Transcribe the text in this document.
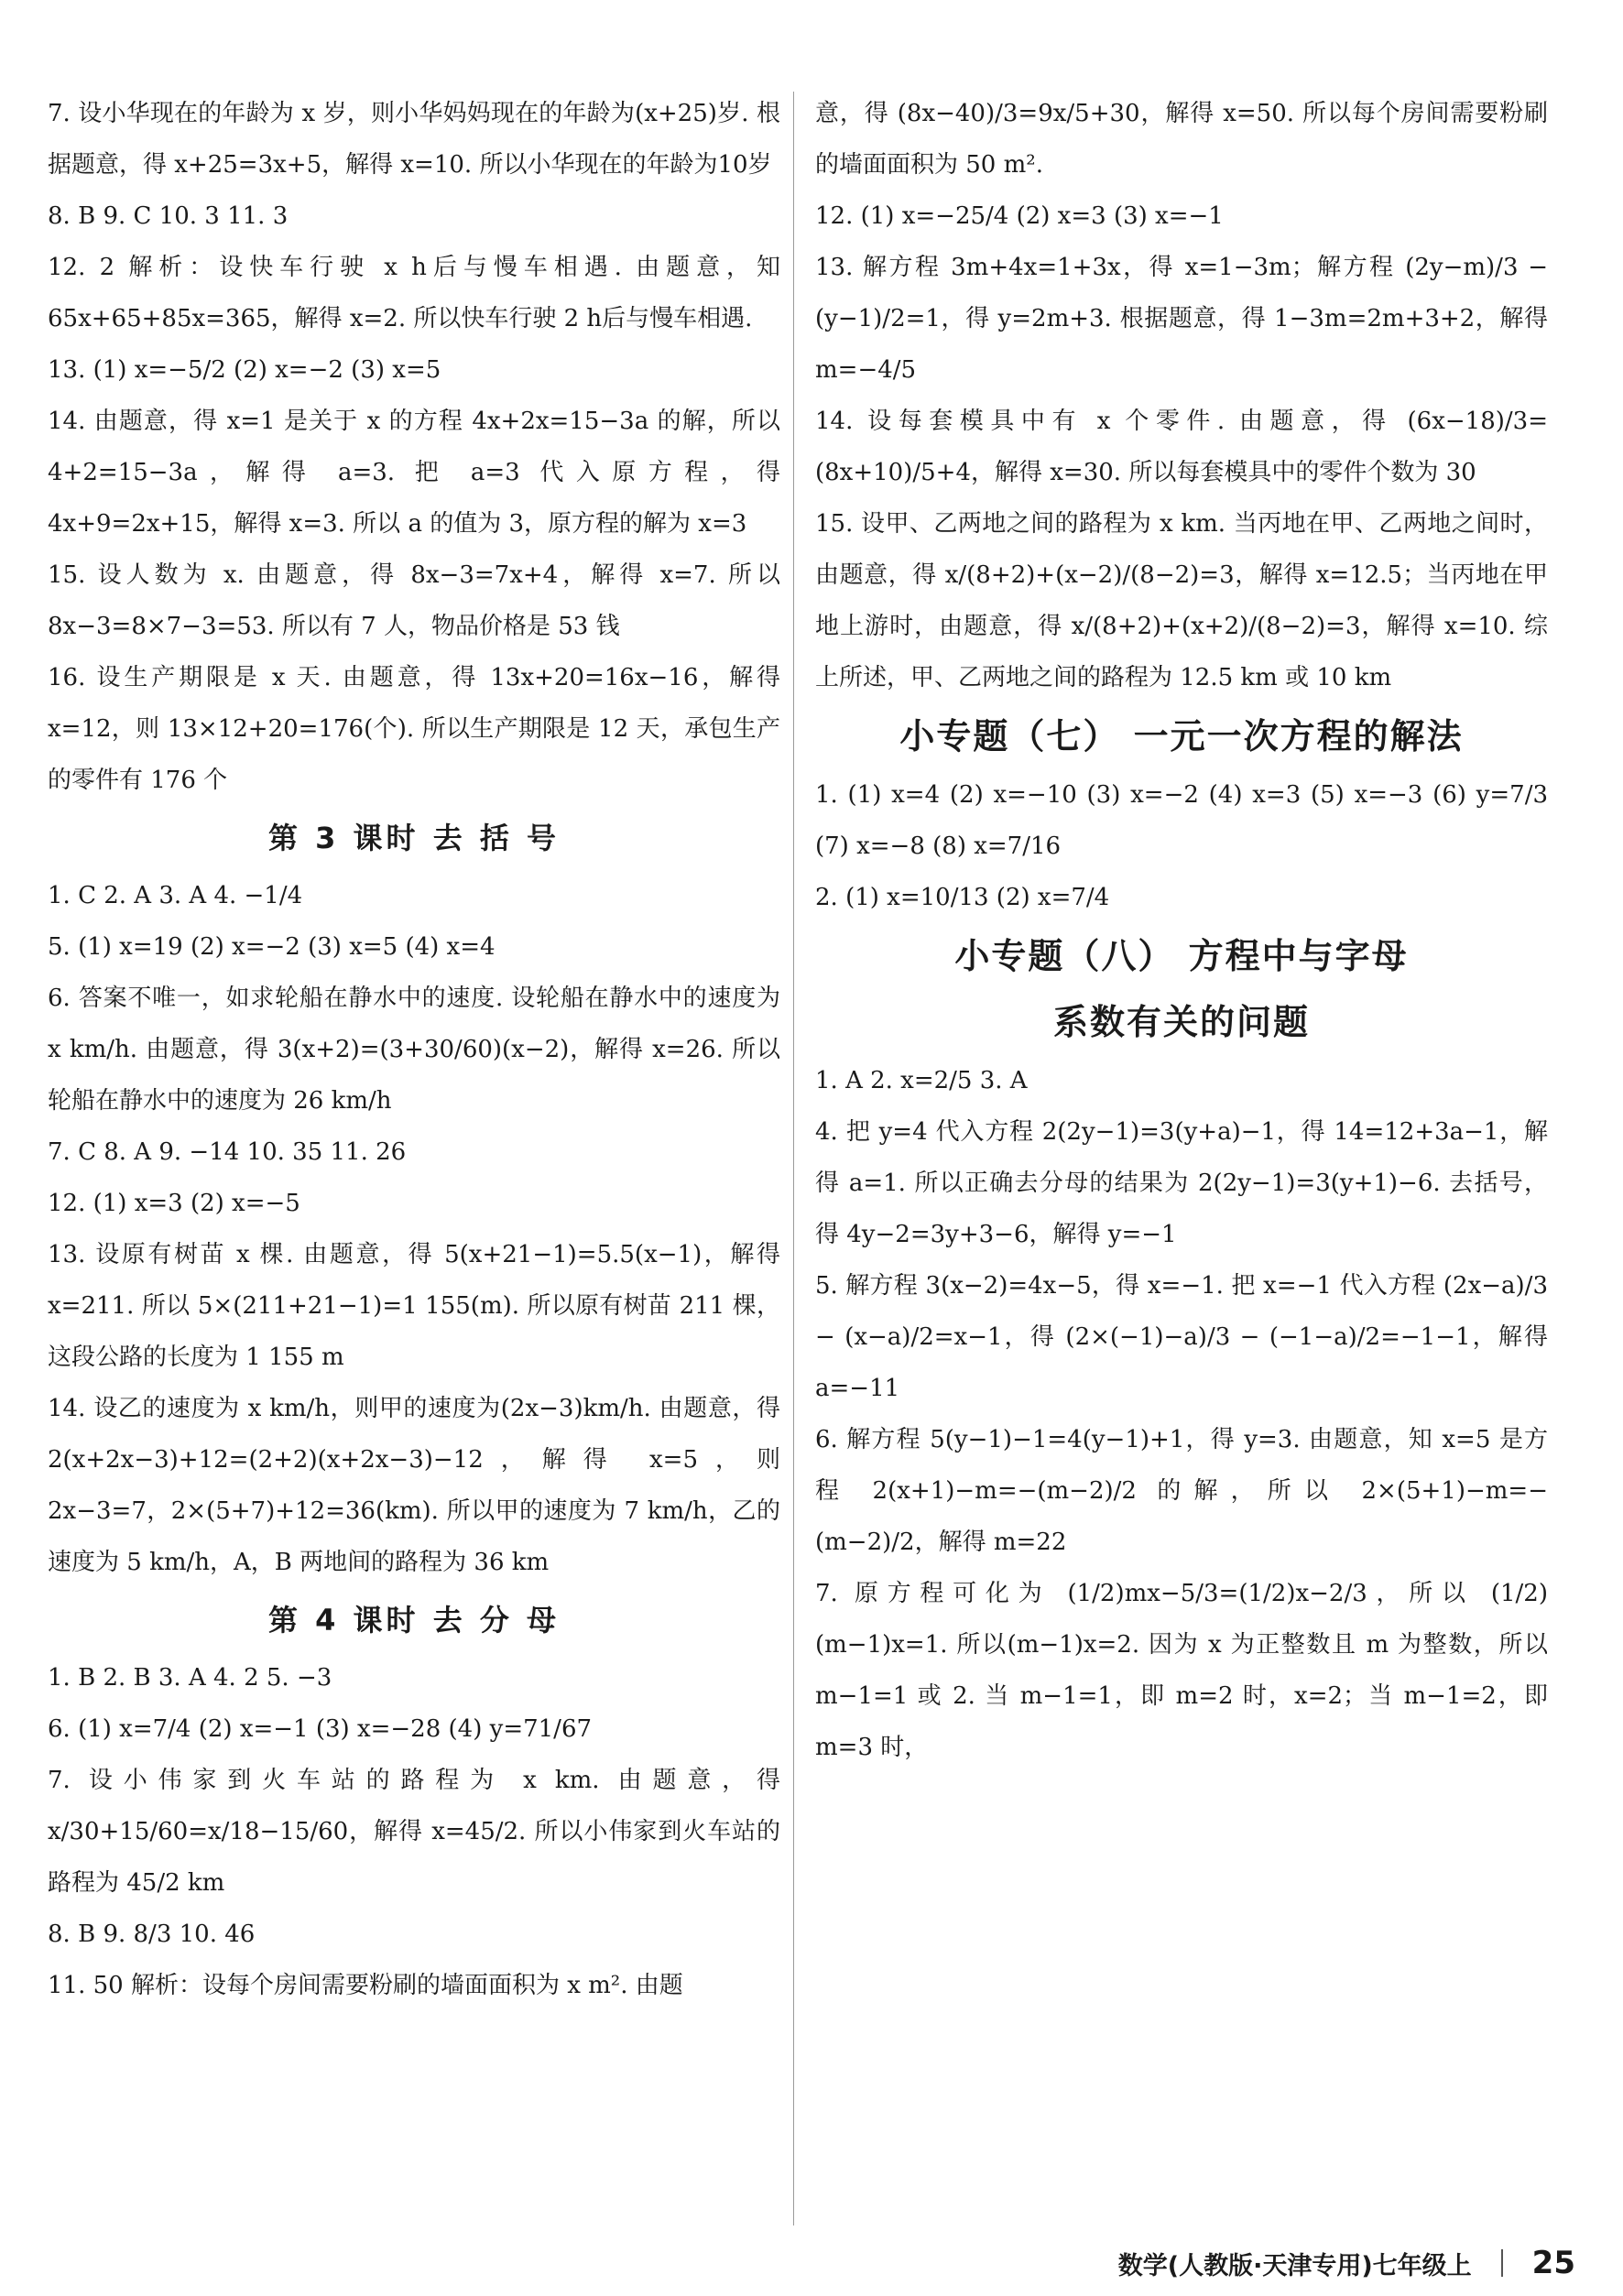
7. 设小华现在的年龄为 x 岁，则小华妈妈现在的年龄为(x+25)岁. 根据题意，得 x+25=3x+5，解得 x=10. 所以小华现在的年龄为10岁

8. B 9. C 10. 3 11. 3

12. 2 解析：设快车行驶 x h后与慢车相遇. 由题意，知 65x+65+85x=365，解得 x=2. 所以快车行驶 2 h后与慢车相遇.

13. (1) x=−5/2 (2) x=−2 (3) x=5

14. 由题意，得 x=1 是关于 x 的方程 4x+2x=15−3a 的解，所以 4+2=15−3a，解得 a=3. 把 a=3 代入原方程，得 4x+9=2x+15，解得 x=3. 所以 a 的值为 3，原方程的解为 x=3

15. 设人数为 x. 由题意，得 8x−3=7x+4，解得 x=7. 所以 8x−3=8×7−3=53. 所以有 7 人，物品价格是 53 钱

16. 设生产期限是 x 天. 由题意，得 13x+20=16x−16，解得 x=12，则 13×12+20=176(个). 所以生产期限是 12 天，承包生产的零件有 176 个

第 3 课时 去 括 号

1. C 2. A 3. A 4. −1/4

5. (1) x=19 (2) x=−2 (3) x=5 (4) x=4

6. 答案不唯一，如求轮船在静水中的速度. 设轮船在静水中的速度为 x km/h. 由题意，得 3(x+2)=(3+30/60)(x−2)，解得 x=26. 所以轮船在静水中的速度为 26 km/h

7. C 8. A 9. −14 10. 35 11. 26

12. (1) x=3 (2) x=−5

13. 设原有树苗 x 棵. 由题意，得 5(x+21−1)=5.5(x−1)，解得 x=211. 所以 5×(211+21−1)=1 155(m). 所以原有树苗 211 棵，这段公路的长度为 1 155 m

14. 设乙的速度为 x km/h，则甲的速度为(2x−3)km/h. 由题意，得 2(x+2x−3)+12=(2+2)(x+2x−3)−12，解得 x=5，则 2x−3=7，2×(5+7)+12=36(km). 所以甲的速度为 7 km/h，乙的速度为 5 km/h，A，B 两地间的路程为 36 km

第 4 课时 去 分 母

1. B 2. B 3. A 4. 2 5. −3

6. (1) x=7/4 (2) x=−1 (3) x=−28 (4) y=71/67

7. 设小伟家到火车站的路程为 x km. 由题意，得 x/30+15/60=x/18−15/60，解得 x=45/2. 所以小伟家到火车站的路程为 45/2 km

8. B 9. 8/3 10. 46

11. 50 解析：设每个房间需要粉刷的墙面面积为 x m². 由题

意，得 (8x−40)/3=9x/5+30，解得 x=50. 所以每个房间需要粉刷的墙面面积为 50 m².

12. (1) x=−25/4 (2) x=3 (3) x=−1

13. 解方程 3m+4x=1+3x，得 x=1−3m；解方程 (2y−m)/3 − (y−1)/2=1，得 y=2m+3. 根据题意，得 1−3m=2m+3+2，解得 m=−4/5

14. 设每套模具中有 x 个零件. 由题意，得 (6x−18)/3=(8x+10)/5+4，解得 x=30. 所以每套模具中的零件个数为 30

15. 设甲、乙两地之间的路程为 x km. 当丙地在甲、乙两地之间时，由题意，得 x/(8+2)+(x−2)/(8−2)=3，解得 x=12.5；当丙地在甲地上游时，由题意，得 x/(8+2)+(x+2)/(8−2)=3，解得 x=10. 综上所述，甲、乙两地之间的路程为 12.5 km 或 10 km

小专题（七） 一元一次方程的解法

1. (1) x=4 (2) x=−10 (3) x=−2 (4) x=3 (5) x=−3 (6) y=7/3 (7) x=−8 (8) x=7/16

2. (1) x=10/13 (2) x=7/4

小专题（八） 方程中与字母

系数有关的问题

1. A 2. x=2/5 3. A

4. 把 y=4 代入方程 2(2y−1)=3(y+a)−1，得 14=12+3a−1，解得 a=1. 所以正确去分母的结果为 2(2y−1)=3(y+1)−6. 去括号，得 4y−2=3y+3−6，解得 y=−1

5. 解方程 3(x−2)=4x−5，得 x=−1. 把 x=−1 代入方程 (2x−a)/3 − (x−a)/2=x−1，得 (2×(−1)−a)/3 − (−1−a)/2=−1−1，解得 a=−11

6. 解方程 5(y−1)−1=4(y−1)+1，得 y=3. 由题意，知 x=5 是方程 2(x+1)−m=−(m−2)/2 的解，所以 2×(5+1)−m=−(m−2)/2，解得 m=22

7. 原方程可化为 (1/2)mx−5/3=(1/2)x−2/3，所以 (1/2)(m−1)x=1. 所以(m−1)x=2. 因为 x 为正整数且 m 为整数，所以 m−1=1 或 2. 当 m−1=1，即 m=2 时，x=2；当 m−1=2，即 m=3 时，

数学(人教版·天津专用)七年级上 25
